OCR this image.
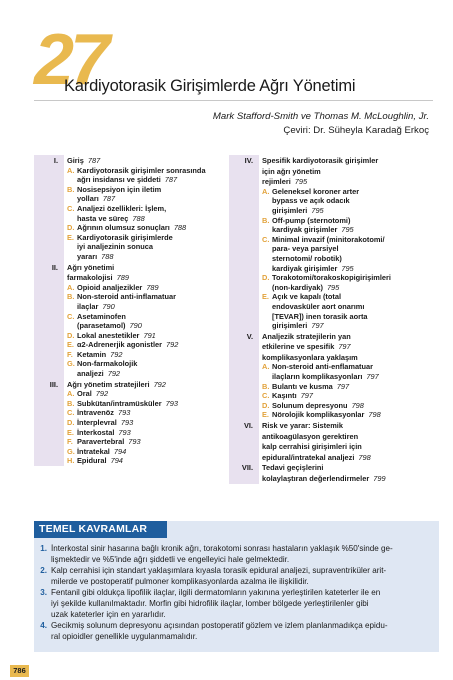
27
Kardiyotorasik Girişimlerde Ağrı Yönetimi
Mark Stafford-Smith ve Thomas M. McLoughlin, Jr.
Çeviri: Dr. Süheyla Karadağ Erkoç
I.	Giriş 787
A. Kardiyotorasik girişimler sonrasında
ağrı insidansı ve şiddeti 787
B. Nosisepsiyon için iletim
yolları 787
C. Analjezi özellikleri: İşlem,
hasta ve süreç 788
D. Ağrının olumsuz sonuçları 788
E. Kardiyotorasik girişimlerde
iyi analjezinin sonuca
yararı 788
II.	Ağrı yönetimi
farmakolojisi 789
A. Opioid analjezikler 789
B. Non-steroid anti-inflamatuar
ilaçlar 790
C. Asetaminofen
(parasetamol) 790
D. Lokal anestetikler 791
E. α2-Adrenerjik agonistler 792
F. Ketamin 792
G. Non-farmakolojik
analjezi 792
III.	Ağrı yönetim stratejileri 792
A. Oral 792
B. Subkütan/intramüsküler 793
C. İntravenöz 793
D. İnterplevral 793
E. İnterkostal 793
F. Paravertebral 793
G. İntratekal 794
H. Epidural 794
IV.	Spesifik kardiyotorasik girişimler
için ağrı yönetim
rejimleri 795
A. Geleneksel koroner arter
bypass ve açık odacık
girişimleri 795
B. Off-pump (sternotomi)
kardiyak girişimler 795
C. Minimal invazif (minitorakotomi/
para- veya parsiyel
sternotomi/ robotik)
kardiyak girişimler 795
D. Torakotomi/torakoskopigirişimleri
(non-kardiyak) 795
E. Açık ve kapalı (total
endovasküler aort onarımı
[TEVAR]) inen torasik aorta
girişimleri 797
V.	Analjezik stratejilerin yan
etkilerine ve spesifik 797
komplikasyonlara yaklaşım
A. Non-steroid anti-enflamatuar
ilaçların komplikasyonları 797
B. Bulantı ve kusma 797
C. Kaşıntı 797
D. Solunum depresyonu 798
E. Nörolojik komplikasyonlar 798
VI.	Risk ve yarar: Sistemik
antikoagülasyon gerektiren
kalp cerrahisi girişimleri için
epidural/intratekal analjezi 798
VII.	Tedavi geçişlerini
kolaylaştıran değerlendirmeler 799
TEMEL KAVRAMLAR
1. İnterkostal sinir hasarına bağlı kronik ağrı, torakotomi sonrası hastaların yaklaşık %50'sinde ge-
lişmektedir ve %5'inde ağrı şiddetli ve engelleyici hale gelmektedir.
2. Kalp cerrahisi için standart yaklaşımlara kıyasla torasik epidural analjezi, supraventriküler arit-
milerde ve postoperatif pulmoner komplikasyonlarda azalma ile ilişkilidir.
3. Fentanil gibi oldukça lipofilik ilaçlar, ilgili dermatomların yakınına yerleştirilen kateterler ile en
iyi şekilde kullanılmaktadır. Morfin gibi hidrofilik ilaçlar, lomber bölgede yerleştirilenler gibi
uzak kateterler için en yararlıdır.
4. Gecikmiş solunum depresyonu açısından postoperatif gözlem ve izlem planlanmadıkça epidu-
ral opioidler genellikle uygulanmamalıdır.
786
